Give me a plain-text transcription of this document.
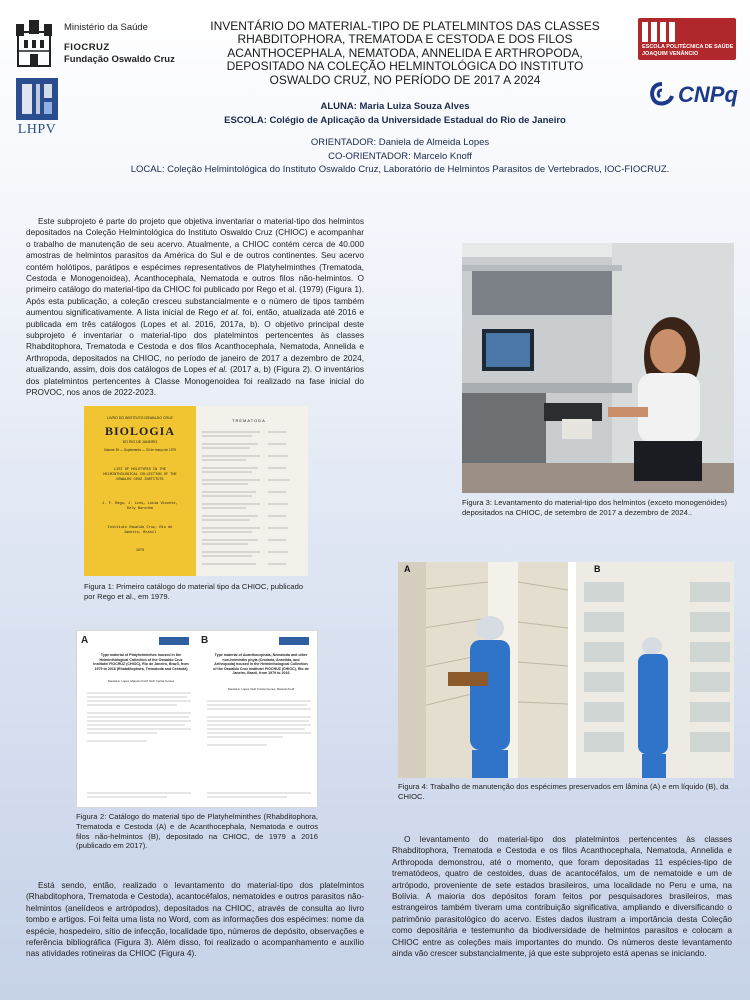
Ministério da Saúde
FIOCRUZ
Fundação Oswaldo Cruz
LHPV
INVENTÁRIO DO MATERIAL-TIPO DE PLATELMINTOS DAS CLASSES RHABDITOPHORA, TREMATODA E CESTODA E DOS FILOS ACANTHOCEPHALA, NEMATODA, ANNELIDA E ARTHROPODA, DEPOSITADO NA COLEÇÃO HELMINTOLÓGICA DO INSTITUTO OSWALDO CRUZ, NO PERÍODO DE 2017 A 2024
ESCOLA POLITÉCNICA DE SAÚDE
JOAQUIM VENÂNCIO
CNPq
ALUNA: Maria Luiza Souza Alves
ESCOLA: Colégio de Aplicação da Universidade Estadual do Rio de Janeiro
ORIENTADOR: Daniela de Almeida Lopes
CO-ORIENTADOR: Marcelo Knoff
LOCAL: Coleção Helmintológica do Instituto Oswaldo Cruz, Laboratório de Helmintos Parasitos de Vertebrados, IOC-FIOCRUZ.
Este subprojeto é parte do projeto que objetiva inventariar o material-tipo dos helmintos depositados na Coleção Helmintológica do Instituto Oswaldo Cruz (CHIOC) e acompanhar o trabalho de manutenção de seu acervo. Atualmente, a CHIOC contém cerca de 40.000 amostras de helmintos parasitos da América do Sul e de outros continentes. Seu acervo contém holótipos, parátipos e espécimes representativos de Platyhelminthes (Trematoda, Cestoda e Monogenoidea), Acanthocephala, Nematoda e outros filos não-helmintos. O primeiro catálogo do material-tipo da CHIOC foi publicado por Rego et al. (1979) (Figura 1). Após esta publicação, a coleção cresceu substancialmente e o número de tipos também aumentou significativamente. A lista inicial de Rego et al. foi, então, atualizada até 2016 e publicada em três catálogos (Lopes et al. 2016, 2017a, b). O objetivo principal deste subprojeto é inventariar o material-tipo dos platelmintos pertencentes às classes Rhabditophora, Trematoda e Cestoda e dos filos Acanthocephala, Nematoda, Annelida e Arthropoda, depositados na CHIOC, no período de janeiro de 2017 a dezembro de 2024, atualizando, assim, dois dos catálogos de Lopes et al. (2017 a, b) (Figura 2). O inventários dos platelmintos pertencentes à Classe Monogenoidea foi realizado na fase inicial do PROVOC, nos anos de 2022-2023.
LIVRO DO INSTITUTO OSWALDO CRUZ
BIOLOGIA
DO RIO DE JANEIRO
Volume 39 — Suplemento — 30 de março de 1979
LIST OF HOLOTYPES IN THE HELMINTHOLOGICAL COLLECTION OF THE OSWALDO CRUZ INSTITUTE
J. F. Rego, J. Lins, Lucia Vicente, Dely Noronha
Instituto Oswaldo Cruz, Rio de Janeiro, Brasil
1979
TREMATODA
Figura 1: Primeiro catálogo do material tipo da CHIOC, publicado por Rego et al., em 1979.
A
Type material of Platyhelminthes housed in the Helminthological Collection of the Oswaldo Cruz Institute/ FIOCRUZ (CHIOC), Rio de Janeiro, Brazil, from 1979 to 2016 (Rhabditophora, Trematoda and Cestoda)
Daniela A. Lopes, Marcelo Knoff, Delir Corrêa Gomes
B
Type material of Acanthocephala, Nematoda and other non-helminths phyla (Cnidaria, Annelida, and Arthropoda) housed in the Helminthological Collection of the Oswaldo Cruz Institute/ FIOCRUZ (CHIOC), Rio de Janeiro, Brazil, from 1979 to 2016
Daniela A. Lopes, Delir Corrêa Gomes, Marcelo Knoff
Figura 2: Catálogo do material tipo de Platyhelminthes (Rhabditophora, Trematoda e Cestoda (A) e de Acanthocephala, Nematoda e outros filos não-helmintos (B), depositado na CHIOC, de 1979 a 2016 (publicado em 2017).
Está sendo, então, realizado o levantamento do material-tipo dos platelmintos (Rhabditophora, Trematoda e Cestoda), acantocéfalos, nematoides e outros parasitos não-helmintos (anelídeos e artrópodos), depositados na CHIOC, através de consulta ao livro tombo e artigos. Foi feita uma lista no Word, com as informações dos espécimes: nome da espécie, hospedeiro, sítio de infecção, localidade tipo, números de depósito, observações e referência bibliográfica (Figura 3). Além disso, foi realizado o acompanhamento e auxílio nas atividades rotineiras da CHIOC (Figura 4).
Figura 3: Levantamento do material-tipo dos helmintos (exceto monogenóides) depositados na CHIOC, de setembro de 2017 a dezembro de 2024..
A	B
Figura 4: Trabalho de manutenção dos espécimes preservados em lâmina (A) e em líquido (B), da CHIOC.
O levantamento do material-tipo dos platelmintos pertencentes às classes Rhabditophora, Trematoda e Cestoda e os filos Acanthocephala, Nematoda, Annelida e Arthropoda demonstrou, até o momento, que foram depositadas 11 espécies-tipo de trematódeos, quatro de cestoides, duas de acantocéfalos, um de nematoide e um de artrópodo, proveniente de sete estados brasileiros, uma localidade no Peru e uma, na Bolívia. A maioria dos depósitos foram feitos por pesquisadores brasileiros, mas estrangeiros também tiveram uma contribuição significativa, ampliando e diversificando o patrimônio parasitológico do acervo. Estes dados ilustram a importância desta Coleção como depositária e testemunho da biodiversidade de helmintos parasitos e colocam a CHIOC entre as coleções mais importantes do mundo. Os números deste levantamento ainda vão crescer substancialmente, já que este subprojeto está apenas se iniciando.
